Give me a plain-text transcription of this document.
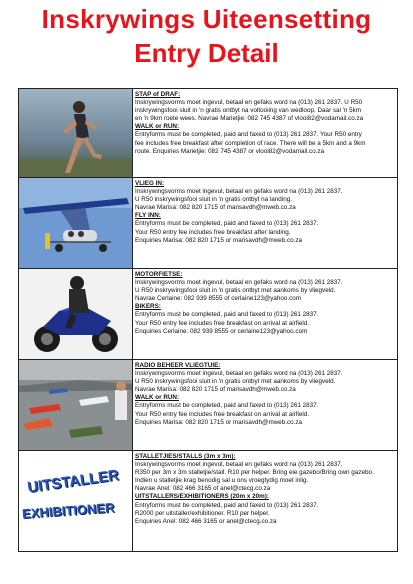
Inskrywings Uiteensetting
Entry Detail
STAP of DRAF:
Inskrywingsvorms moet ingevul, betaal en gefaks word na (013) 261 2837. U R50
inskrywingsfooi sluit in 'n gratis ontbyt na voltooiing van wedloop. Daar sal 'n 5km
en 'n 9km roete wees. Navrae Marietjie: 082 745 4387 of vlooi82@vodamail.co.za
WALK or RUN:
Entryforms must be completed, paid and faxed to (013) 261 2837. Your R50 entry
fee includes free breakfast after completion of race. There will be a 5km and a 9km
route. Enquiries Marietjie: 082 745 4387 or vlooi82@vodamail.co.za
VLIEG IN:
Inskrywingsvorms moet ingevul, betaal en gefaks word na (013) 261 2837.
U R50 inskrywingsfooi sluit in 'n gratis ontbyt na landing.
Navrae Marisa: 082 820 1715 of marisavdh@mweb.co.za
FLY INN:
Entryforms must be completed, paid and faxed to (013) 261 2837.
Your R50 entry fee includes free breakfast after landing.
Enquiries Marisa: 082 820 1715 or marisavdh@mweb.co.za
MOTORFIETSE:
Inskrywingsvorms moet ingevul, betaal en gefaks word na (013) 261 2837.
U R50 inskrywingsfooi sluit in 'n gratis ontbyt met aankoms by vliegveld.
Navrae Cerlaine: 082 939 8555 of cerlaine123@yahoo.com
BIKERS:
Entryforms must be completed, paid and faxed to (013) 261 2837.
Your R50 entry fee includes free breakfast on arrival at airfield.
Enquiries Cerlaine: 082 939 8555 or cerlaine123@yahoo.com
RADIO BEHEER VLIEGTUIE:
Inskrywingsvorms moet ingevul, betaal en gefaks word na (013) 261 2837.
U R50 inskrywingsfooi sluit in 'n gratis ontbyt met aankoms by vliegveld.
Navrae Marisa: 082 820 1715 of marisavdh@mweb.co.za
WALK or RUN:
Entryforms must be completed, paid and faxed to (013) 261 2837.
Your R50 entry fee includes free breakfast on arrival at airfield.
Enquiries Marisa: 082 820 1715 or marisavdh@mweb.co.za
UITSTALLER
EXHIBITIONER
STALLETJIES/STALLS (3m x 3m):
Inskrywingsvorms moet ingevul, betaal en gefaks word na (013) 261 2837.
R350 per 3m x 3m stalletjie/stall. R10 per helper. Bring eie gazebo/Bring own gazebo.
Indien u stalletjie krag benodig sal u ons vroegtydig moet inlig.
Navrae Anel: 082 466 3165 of anel@ctecg.co.za
UITSTALLERS/EXHIBITIONERS (20m x 20m):
Entryforms must be completed, paid and faxed to (013) 261 2837.
R2000 per uitstaller/exhibitioner. R10 per helper.
Enquiries Anel: 082 466 3165 or anel@ctecg.co.za
